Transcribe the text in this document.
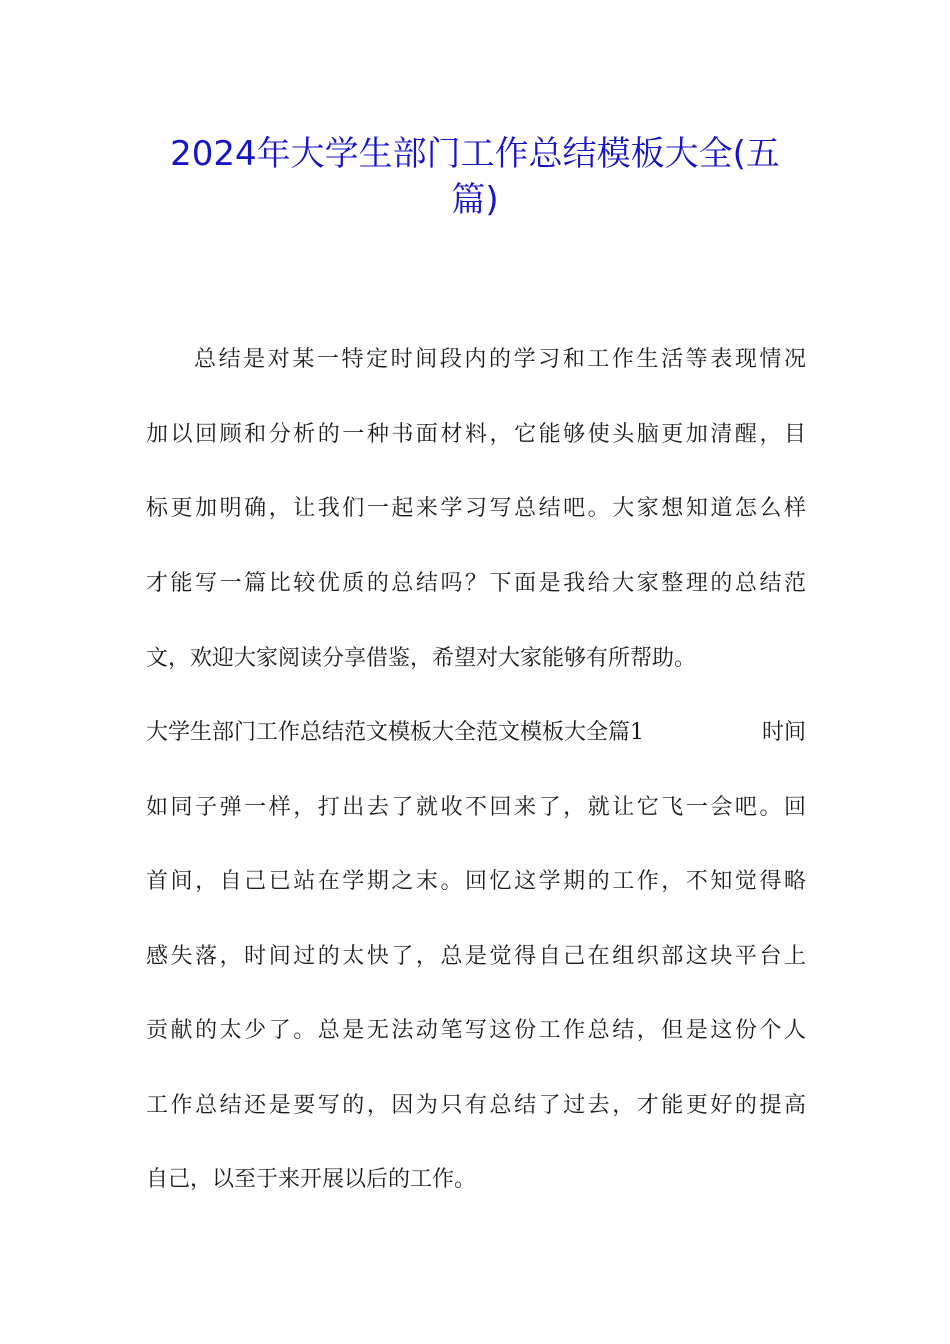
2024年大学生部门工作总结模板大全(五
篇)
总结是对某一特定时间段内的学习和工作生活等表现情况
加以回顾和分析的一种书面材料，它能够使头脑更加清醒，目
标更加明确，让我们一起来学习写总结吧。大家想知道怎么样
才能写一篇比较优质的总结吗？下面是我给大家整理的总结范
文，欢迎大家阅读分享借鉴，希望对大家能够有所帮助。
大学生部门工作总结范文模板大全范文模板大全篇1	时间
如同子弹一样，打出去了就收不回来了，就让它飞一会吧。回
首间，自己已站在学期之末。回忆这学期的工作，不知觉得略
感失落，时间过的太快了，总是觉得自己在组织部这块平台上
贡献的太少了。总是无法动笔写这份工作总结，但是这份个人
工作总结还是要写的，因为只有总结了过去，才能更好的提高
自己，以至于来开展以后的工作。
